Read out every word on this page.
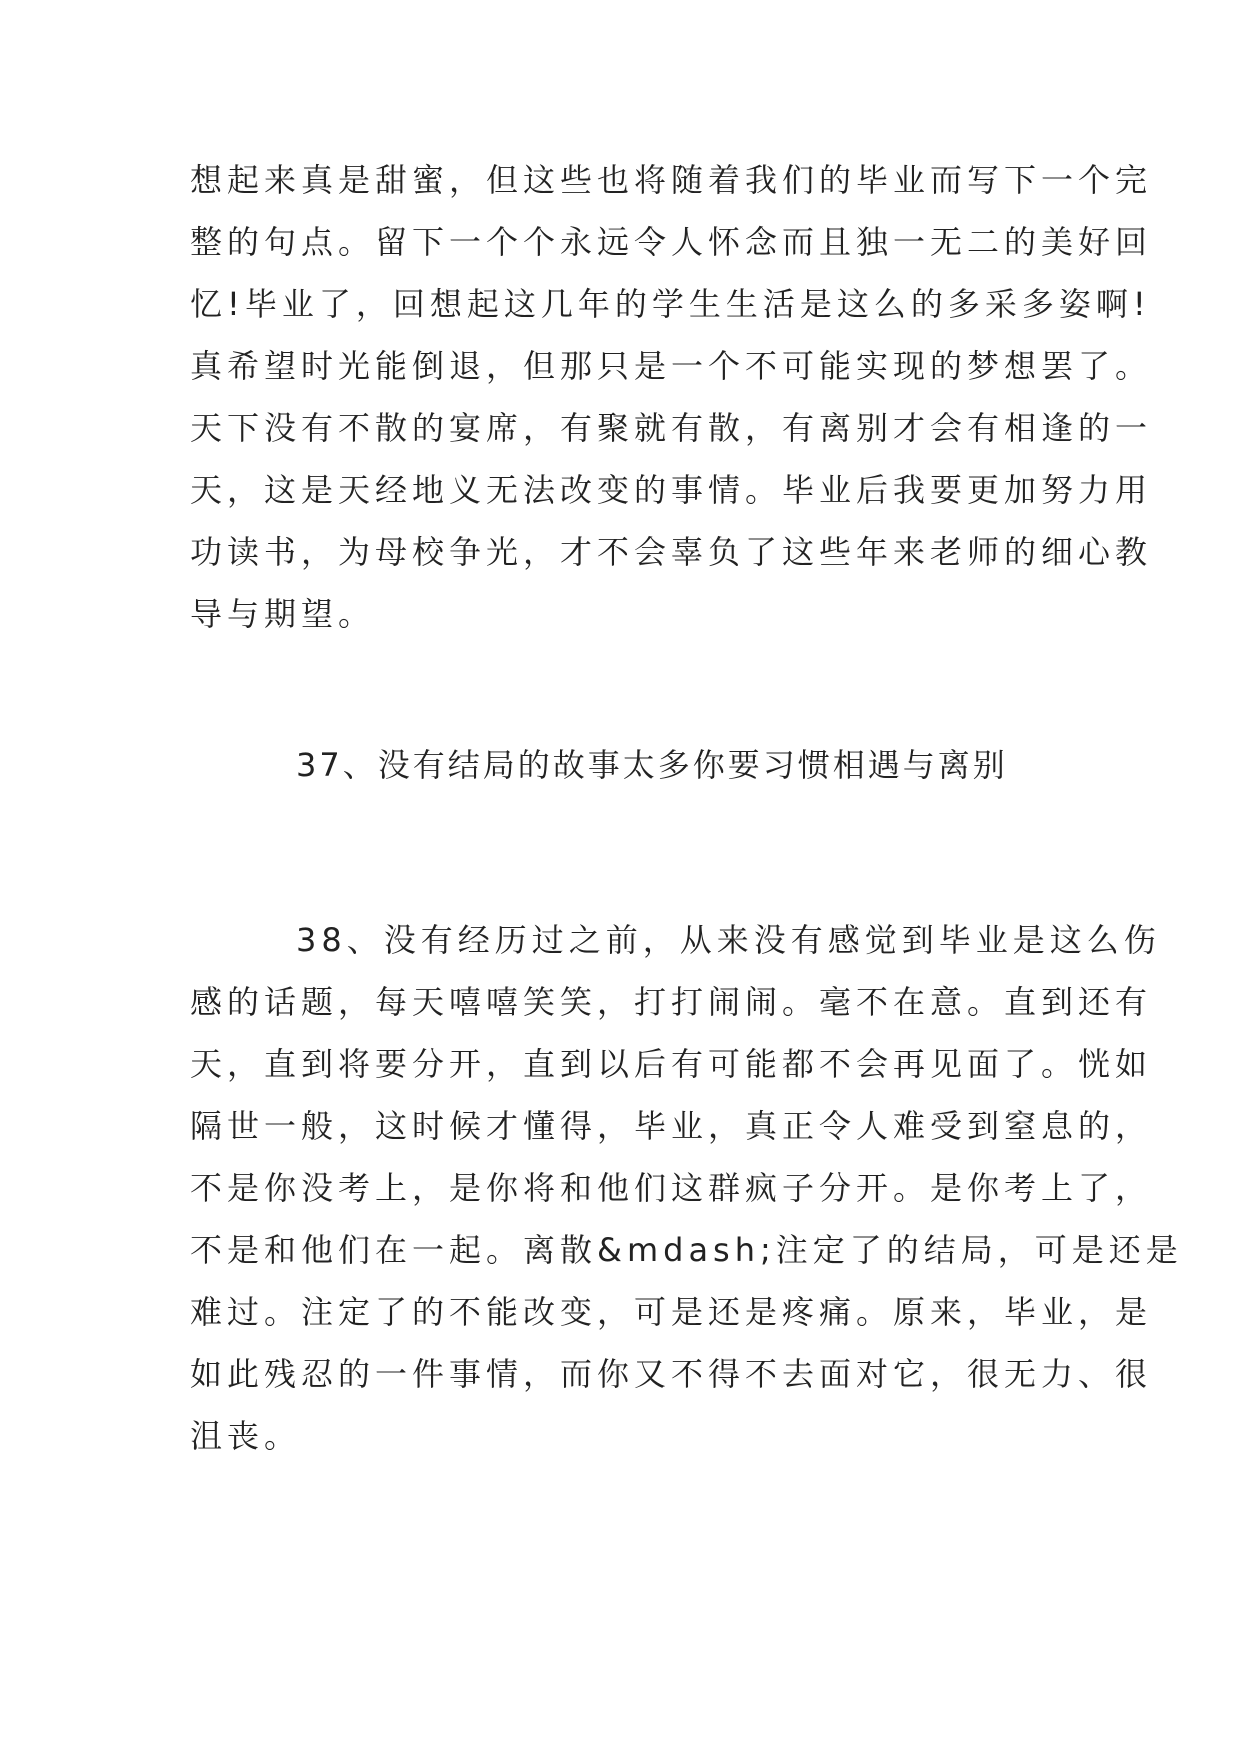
想起来真是甜蜜，但这些也将随着我们的毕业而写下一个完

整的句点。留下一个个永远令人怀念而且独一无二的美好回

忆!毕业了，回想起这几年的学生生活是这么的多采多姿啊!

真希望时光能倒退，但那只是一个不可能实现的梦想罢了。

天下没有不散的宴席，有聚就有散，有离别才会有相逢的一

天，这是天经地义无法改变的事情。毕业后我要更加努力用

功读书，为母校争光，才不会辜负了这些年来老师的细心教

导与期望。

37、没有结局的故事太多你要习惯相遇与离别

38、没有经历过之前，从来没有感觉到毕业是这么伤

感的话题，每天嘻嘻笑笑，打打闹闹。毫不在意。直到还有

天，直到将要分开，直到以后有可能都不会再见面了。恍如

隔世一般，这时候才懂得，毕业，真正令人难受到窒息的，

不是你没考上，是你将和他们这群疯子分开。是你考上了，

不是和他们在一起。离散&mdash;注定了的结局，可是还是

难过。注定了的不能改变，可是还是疼痛。原来，毕业，是

如此残忍的一件事情，而你又不得不去面对它，很无力、很

沮丧。
